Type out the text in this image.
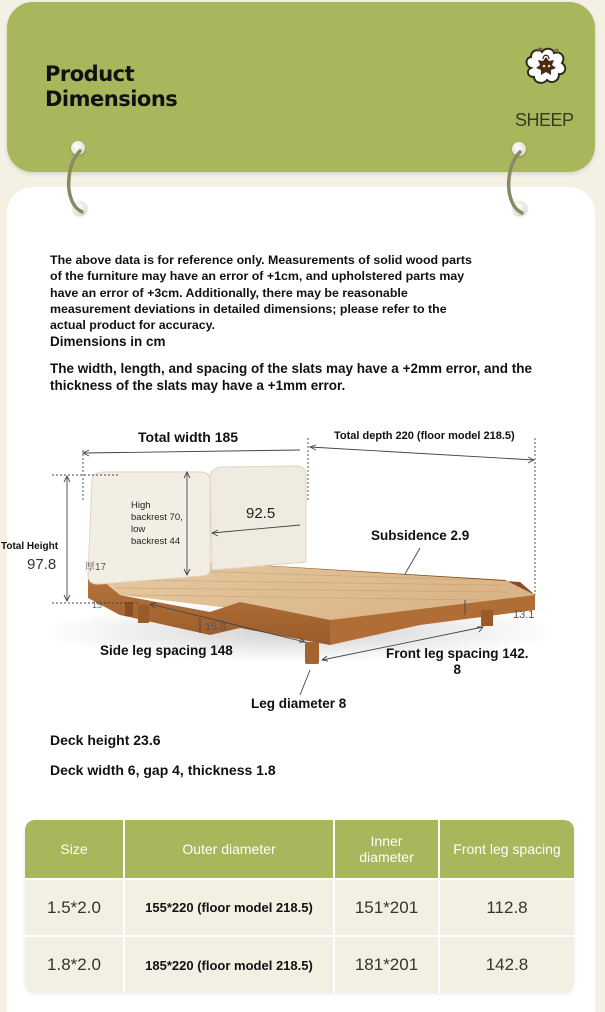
Product
Dimensions
SHEEP
The above data is for reference only. Measurements of solid wood parts of the furniture may have an error of +1cm, and upholstered parts may have an error of +3cm. Additionally, there may be reasonable measurement deviations in detailed dimensions; please refer to the actual product for accuracy.
Dimensions in cm
The width, length, and spacing of the slats may have a +2mm error, and the thickness of the slats may have a +1mm error.
Total width 185	Total depth 220 (floor model 218.5)
High
backrest 70,
low
backrest 44
92.5
Total Height
97.8	厚17
Subsidence 2.9
15
15.8
13.1
Side leg spacing 148	Front leg spacing 142.
8
Leg diameter 8
Deck height 23.6
Deck width 6, gap 4, thickness 1.8
Size	Outer diameter	Inner diameter	Front leg spacing
1.5*2.0	155*220 (floor model 218.5)	151*201	112.8
1.8*2.0	185*220 (floor model 218.5)	181*201	142.8
